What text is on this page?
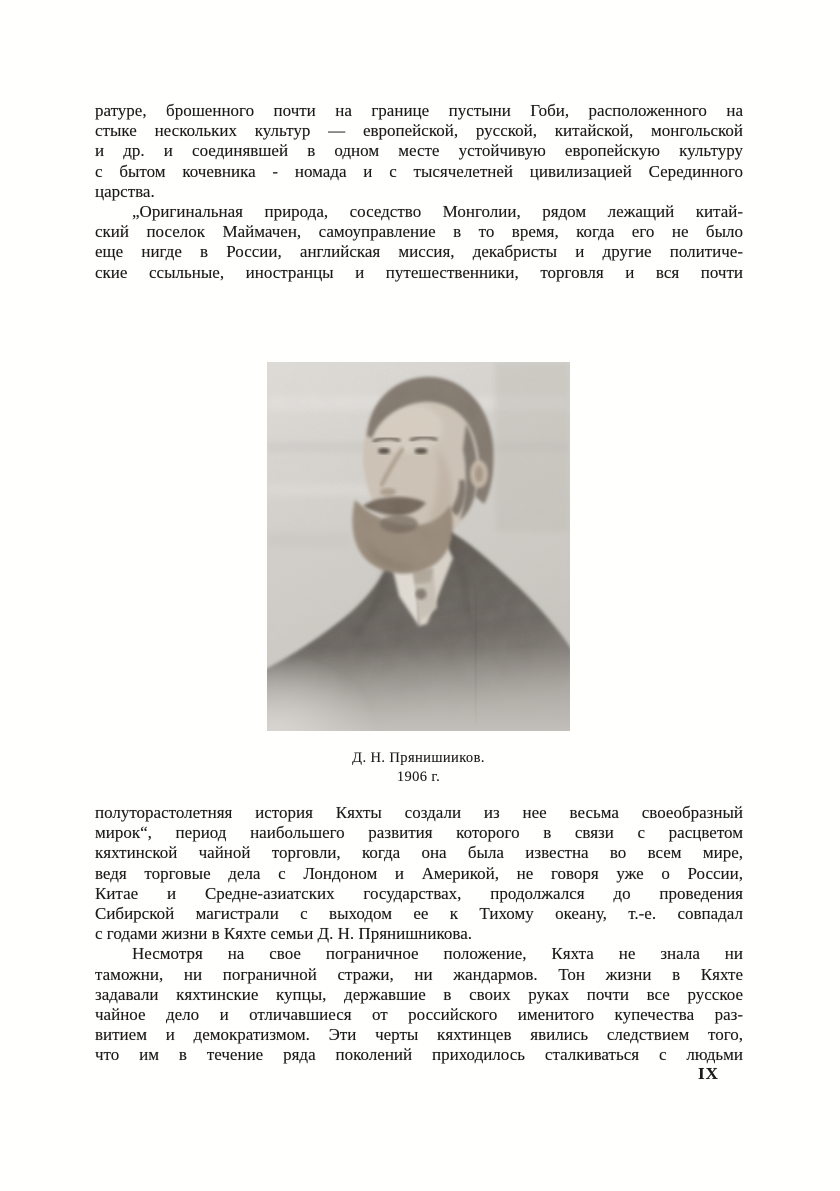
ратуре, брошенного почти на границе пустыни Гоби, расположенного на
стыке нескольких культур — европейской, русской, китайской, монгольской
и др. и соединявшей в одном месте устойчивую европейскую культуру
с бытом кочевника - номада и с тысячелетней цивилизацией Серединного
царства.
„Оригинальная природа, соседство Монголии, рядом лежащий китай-
ский поселок Маймачен, самоуправление в то время, когда его не было
еще нигде в России, английская миссия, декабристы и другие политиче-
ские ссыльные, иностранцы и путешественники, торговля и вся почти
Д. Н. Прянишииков.
1906 г.
полуторастолетняя история Кяхты создали из нее весьма своеобразный
мирок“, период наибольшего развития которого в связи с расцветом
кяхтинской чайной торговли, когда она была известна во всем мире,
ведя торговые дела с Лондоном и Америкой, не говоря уже о России,
Китае и Средне-азиатских государствах, продолжался до проведения
Сибирской магистрали с выходом ее к Тихому океану, т.-е. совпадал
с годами жизни в Кяхте семьи Д. Н. Прянишникова.
Несмотря на свое пограничное положение, Кяхта не знала ни
таможни, ни пограничной стражи, ни жандармов. Тон жизни в Кяхте
задавали кяхтинские купцы, державшие в своих руках почти все русское
чайное дело и отличавшиеся от российского именитого купечества раз-
витием и демократизмом. Эти черты кяхтинцев явились следствием того,
что им в течение ряда поколений приходилось сталкиваться с людьми
IX
